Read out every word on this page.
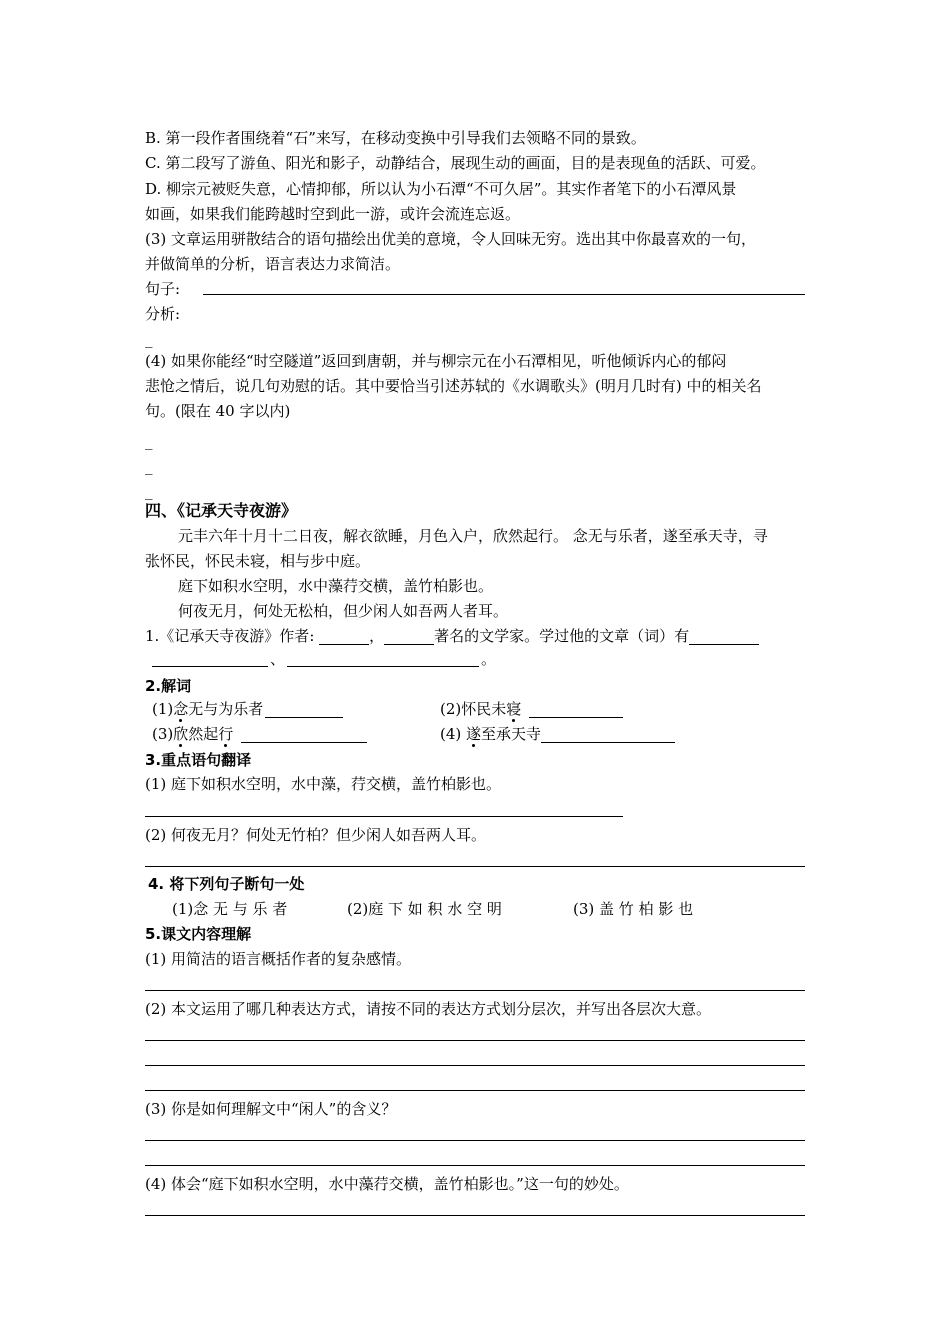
B. 第一段作者围绕着“石”来写，在移动变换中引导我们去领略不同的景致。
C. 第二段写了游鱼、阳光和影子，动静结合，展现生动的画面，目的是表现鱼的活跃、可爱。
D. 柳宗元被贬失意，心情抑郁，所以认为小石潭“不可久居”。其实作者笔下的小石潭风景
如画，如果我们能跨越时空到此一游，或许会流连忘返。
(3) 文章运用骈散结合的语句描绘出优美的意境，令人回味无穷。选出其中你最喜欢的一句，
并做简单的分析，语言表达力求简洁。
句子:
分析:
_
(4) 如果你能经“时空隧道”返回到唐朝，并与柳宗元在小石潭相见，听他倾诉内心的郁闷
悲怆之情后，说几句劝慰的话。其中要恰当引述苏轼的《水调歌头》(明月几时有) 中的相关名
句。(限在 40 字以内)
_
_
_
四、《记承天寺夜游》
元丰六年十月十二日夜，解衣欲睡，月色入户，欣然起行。 念无与乐者，遂至承天寺，寻
张怀民，怀民未寝，相与步中庭。
庭下如积水空明，水中藻荇交横，盖竹柏影也。
何夜无月，何处无松柏，但少闲人如吾两人者耳。
1.《记承天寺夜游》作者:	，	著名的文学家。学过他的文章（词）有
、	。
2.解词
(1)念无与为乐者	(2)怀民未寝
(3)欣然起行	(4) 遂至承天寺
3.重点语句翻译
(1) 庭下如积水空明，水中藻，荇交横，盖竹柏影也。
(2) 何夜无月？何处无竹柏？但少闲人如吾两人耳。
4. 将下列句子断句一处
(1)念 无 与 乐 者	(2)庭 下 如 积 水 空 明	(3) 盖 竹 柏 影 也
5.课文内容理解
(1) 用简洁的语言概括作者的复杂感情。
(2) 本文运用了哪几种表达方式，请按不同的表达方式划分层次，并写出各层次大意。
(3) 你是如何理解文中“闲人”的含义？
(4) 体会“庭下如积水空明，水中藻荇交横，盖竹柏影也。”这一句的妙处。
